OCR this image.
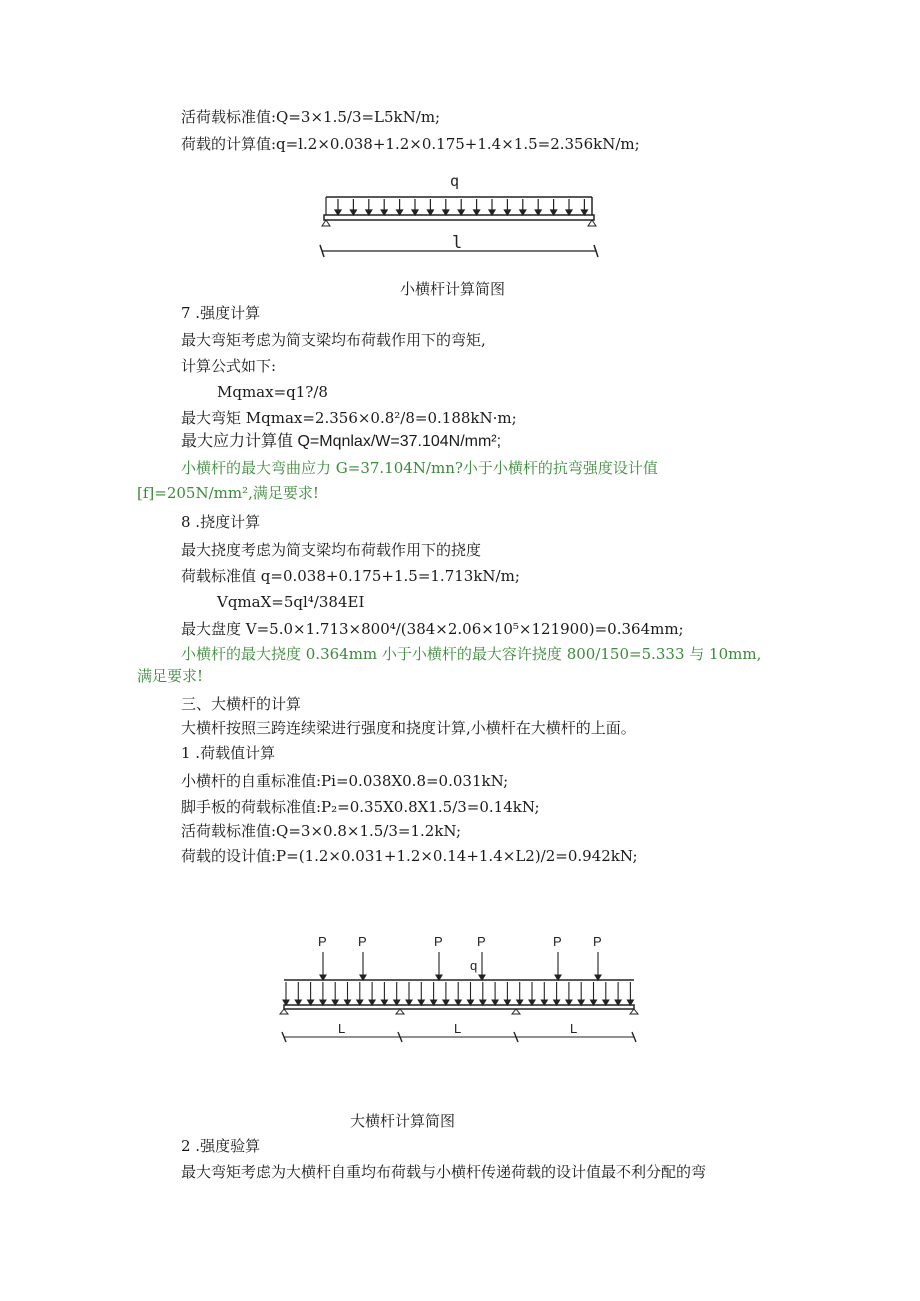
活荷载标准值:Q=3×1.5/3=L5kN/m;
荷载的计算值:q=l.2×0.038+1.2×0.175+1.4×1.5=2.356kN/m;
q
l
小横杆计算简图
7 .强度计算
最大弯矩考虑为简支梁均布荷载作用下的弯矩,
计算公式如下:
Mqmax=q1?/8
最大弯矩 Mqmax=2.356×0.8²/8=0.188kN·m;
最大应力计算值 Q=Mqnlax/W=37.104N/mm²;
小横杆的最大弯曲应力 G=37.104N/mn?小于小横杆的抗弯强度设计值
[f]=205N/mm²,满足要求!
8 .挠度计算
最大挠度考虑为简支梁均布荷载作用下的挠度
荷载标准值 q=0.038+0.175+1.5=1.713kN/m;
VqmaX=5ql⁴/384EI
最大盘度 V=5.0×1.713×800⁴/(384×2.06×10⁵×121900)=0.364mm;
小横杆的最大挠度 0.364mm 小于小横杆的最大容许挠度 800/150=5.333 与 10mm,
满足要求!
三、大横杆的计算
大横杆按照三跨连续梁进行强度和挠度计算,小横杆在大横杆的上面。
1 .荷载值计算
小横杆的自重标准值:Pi=0.038X0.8=0.031kN;
脚手板的荷载标准值:P₂=0.35X0.8X1.5/3=0.14kN;
活荷载标准值:Q=3×0.8×1.5/3=1.2kN;
荷载的设计值:P=(1.2×0.031+1.2×0.14+1.4×L2)/2=0.942kN;
P P	P	P	P P
q
L	L	L
大横杆计算简图
2 .强度验算
最大弯矩考虑为大横杆自重均布荷载与小横杆传递荷载的设计值最不利分配的弯
